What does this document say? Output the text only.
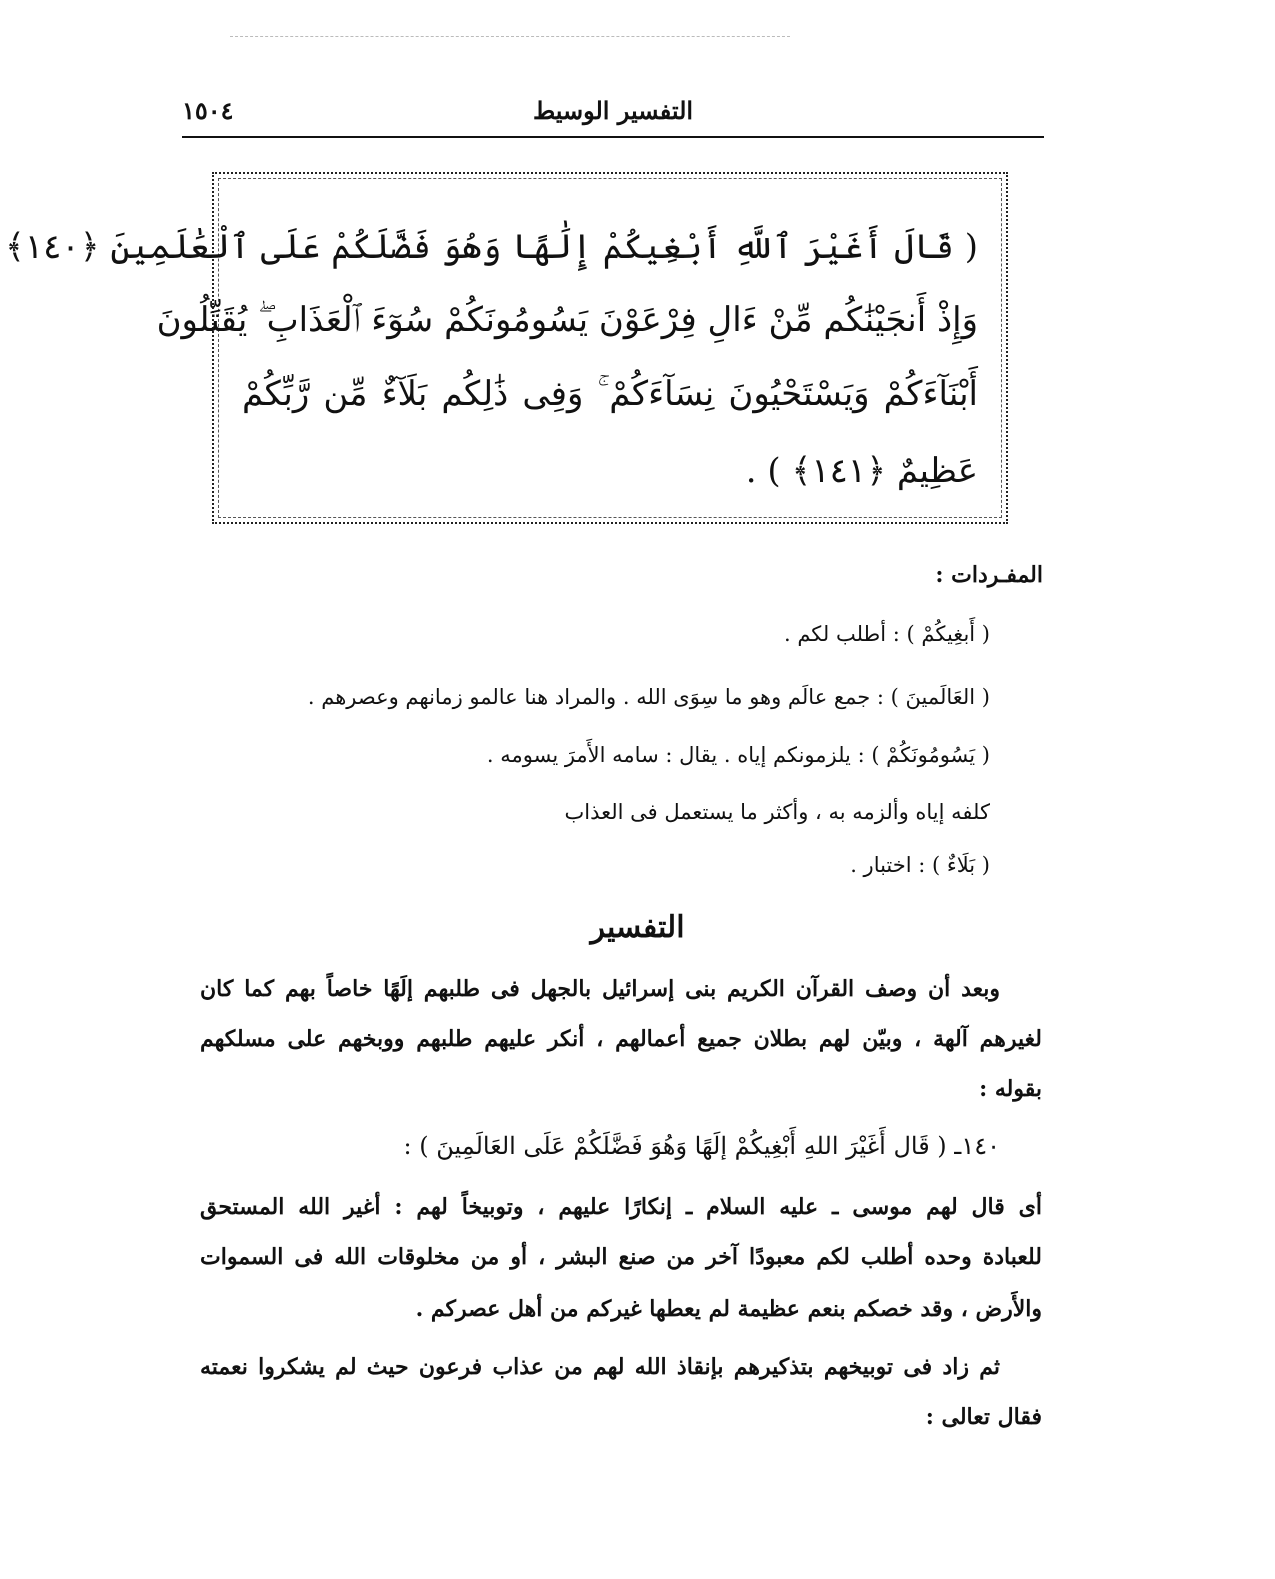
١٥٠٤	التفسير الوسيط
( قَالَ أَغَيْرَ ٱللَّهِ أَبْغِيكُمْ إِلَٰهًا وَهُوَ فَضَّلَكُمْ عَلَى ٱلْعَٰلَمِينَ ﴿١٤٠﴾
وَإِذْ أَنجَيْنَٰكُم مِّنْ ءَالِ فِرْعَوْنَ يَسُومُونَكُمْ سُوٓءَ ٱلْعَذَابِ ۖ يُقَتِّلُونَ
أَبْنَآءَكُمْ وَيَسْتَحْيُونَ نِسَآءَكُمْ ۚ وَفِى ذَٰلِكُم بَلَآءٌ مِّن رَّبِّكُمْ
عَظِيمٌ ﴿١٤١﴾ ) .
المفـردات :
( أَبغِيكُمْ ) : أطلب لكم .
( العَالَمينَ ) : جمع عالَم وهو ما سِوَى الله . والمراد هنا عالمو زمانهم وعصرهم .
( يَسُومُونَكُمْ ) : يلزمونكم إياه . يقال : سامه الأَمرَ يسومه .
كلفه إياه وألزمه به ، وأكثر ما يستعمل فى العذاب
( بَلَاءٌ ) : اختبار .
التفسير
وبعد أن وصف القرآن الكريم بنى إسرائيل بالجهل فى طلبهم إلَهًا خاصاً بهم كما كان
لغيرهم آلهة ، وبيّن لهم بطلان جميع أعمالهم ، أنكر عليهم طلبهم ووبخهم على مسلكهم
بقوله :
١٤٠ـ ( قَال أَغَيْرَ اللهِ أَبْغِيكُمْ إلَهًا وَهُوَ فَضَّلَكُمْ عَلَى العَالَمِينَ ) :
أى قال لهم موسى ـ عليه السلام ـ إنكارًا عليهم ، وتوبيخاً لهم : أغير الله المستحق
للعبادة وحده أطلب لكم معبودًا آخر من صنع البشر ، أو من مخلوقات الله فى السموات
والأَرض ، وقد خصكم بنعم عظيمة لم يعطها غيركم من أهل عصركم .
ثم زاد فى توبيخهم بتذكيرهم بإنقاذ الله لهم من عذاب فرعون حيث لم يشكروا نعمته
فقال تعالى :
